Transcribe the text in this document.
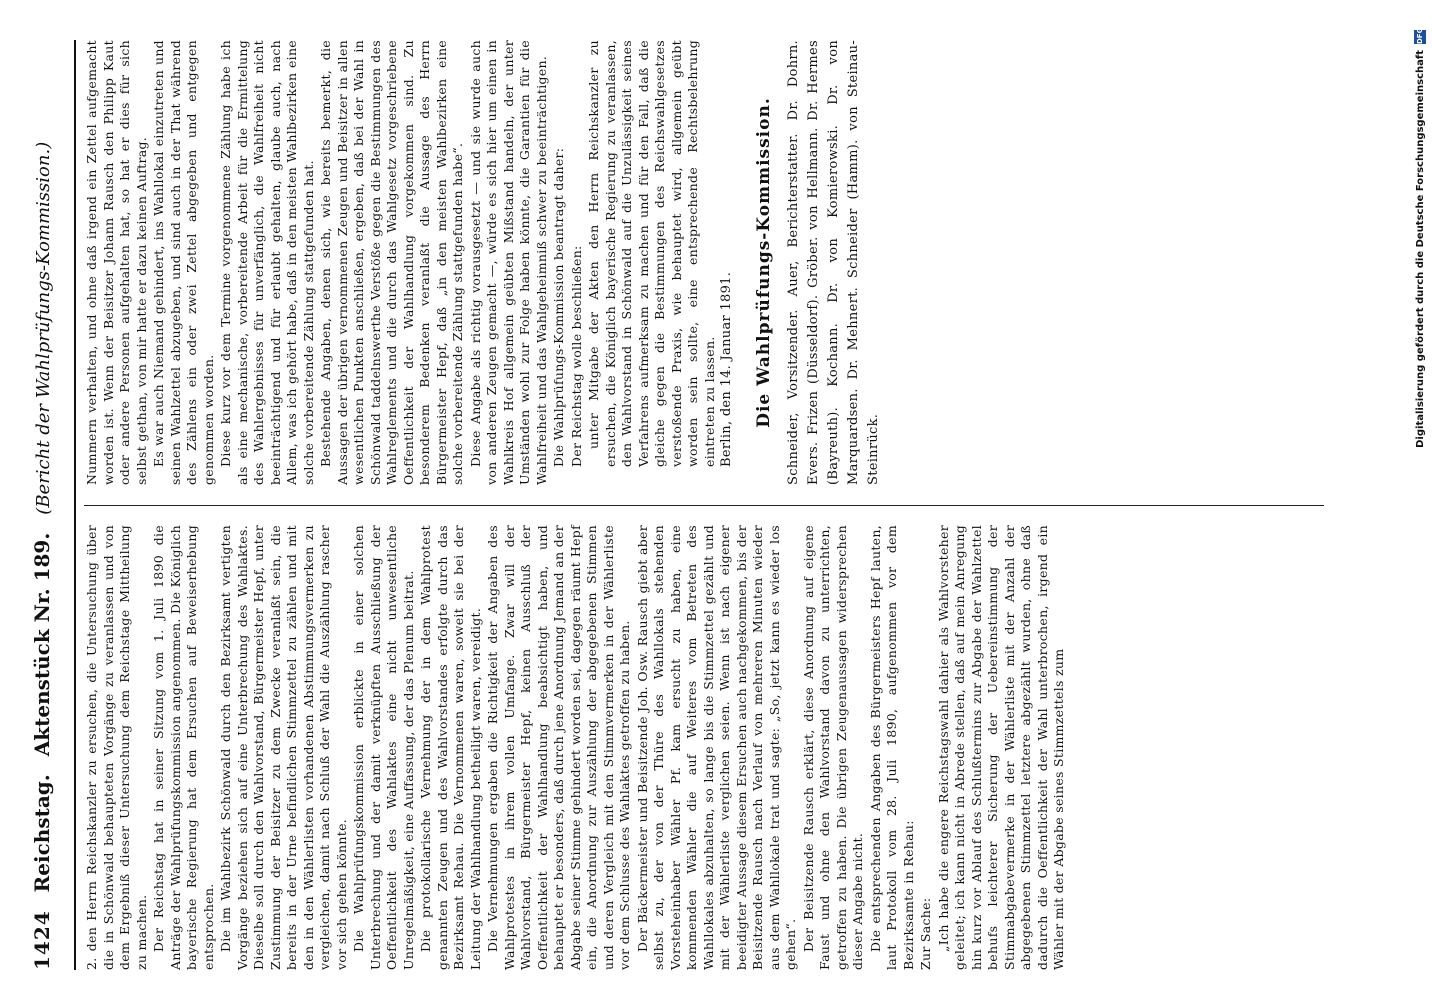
1424
Reichstag.
Aktenstück Nr. 189.
(Bericht der Wahlprüfungs-Kommission.)

2. den Herrn Reichskanzler zu ersuchen, die Untersuchung über die in Schönwald behaupteten Vorgänge zu veranlassen und von dem Ergebniß dieser Untersuchung dem Reichstage Mittheilung zu machen. Der Reichstag hat in seiner Sitzung vom 1. Juli 1890 die Anträge der Wahlprüfungskommission angenommen. Die Königlich bayerische Regierung hat dem Ersuchen auf Beweiserhebung entsprochen. Die im Wahlbezirk Schönwald durch den Bezirksamt vertigten Vorgänge beziehen sich auf eine Unterbrechung des Wahlaktes. Dieselbe soll durch den Wahlvorstand, Bürgermeister Hepf, unter Zustimmung der Beisitzer zu dem Zwecke veranlaßt sein, die bereits in der Urne befindlichen Stimmzettel zu zählen und mit den in den Wählerlisten vorhandenen Abstimmungsvermerken zu vergleichen, damit nach Schluß der Wahl die Auszählung rascher vor sich gehen könnte. Die Wahlprüfungskommission erblickte in einer solchen Unterbrechung und der damit verknüpften Ausschließung der Oeffentlichkeit des Wahlaktes eine nicht unwesentliche Unregelmäßigkeit, eine Auffassung, der das Plenum beitrat. Die protokollarische Vernehmung der in dem Wahlprotest genannten Zeugen und des Wahlvorstandes erfolgte durch das Bezirksamt Rehau. Die Vernommenen waren, soweit sie bei der Leitung der Wahlhandlung betheiligt waren, vereidigt. Die Vernehmungen ergaben die Richtigkeit der Angaben des Wahlprotestes in ihrem vollen Umfange. Zwar will der Wahlvorstand, Bürgermeister Hepf, keinen Ausschluß der Oeffentlichkeit der Wahlhandlung beabsichtigt haben, und behauptet er besonders, daß durch jene Anordnung Jemand an der Abgabe seiner Stimme gehindert worden sei, dagegen räumt Hepf ein, die Anordnung zur Auszählung der abgegebenen Stimmen und deren Vergleich mit den Stimmvermerken in der Wählerliste vor dem Schlusse des Wahlaktes getroffen zu haben. Der Bäckermeister und Beisitzende Joh. Osw. Rausch giebt aber selbst zu, der von der Thüre des Wahllokals stehenden Vorsteheinhaber Wähler Pf. kam ersucht zu haben, eine kommenden Wähler die auf Weiteres vom Betreten des Wahllokales abzuhalten, so lange bis die Stimmzettel gezählt und mit der Wählerliste verglichen seien. Wenn ist nach eigener beeidigter Aussage diesem Ersuchen auch nachgekommen, bis der Beisitzende Rausch nach Verlauf von mehreren Minuten wieder aus dem Wahllokale trat und sagte: „So, jetzt kann es wieder los gehen“. Der Beisitzende Rausch erklärt, diese Anordnung auf eigene Faust und ohne den Wahlvorstand davon zu unterrichten, getroffen zu haben. Die übrigen Zeugenaussagen widersprechen dieser Angabe nicht. Die entsprechenden Angaben des Bürgermeisters Hepf lauten, laut Protokoll vom 28. Juli 1890, aufgenommen vor dem Bezirksamte in Rehau: Zur Sache: „Ich habe die engere Reichstagswahl dahier als Wahlvorsteher geleitet; ich kann nicht in Abrede stellen, daß auf mein Anregung hin kurz vor Ablauf des Schlußtermins zur Abgabe der Wahlzettel behufs leichterer Sicherung der Uebereinstimmung der Stimmabgabevermerke in der Wählerliste mit der Anzahl der abgegebenen Stimmzettel letztere abgezählt wurden, ohne daß dadurch die Oeffentlichkeit der Wahl unterbrochen, irgend ein Wähler mit der Abgabe seines Stimmzettels zum

Nummern verhalten, und ohne daß irgend ein Zettel aufgemacht worden ist. Wenn der Beisitzer Johann Rausch den Philipp Kaut oder andere Personen aufgehalten hat, so hat er dies für sich selbst gethan, von mir hatte er dazu keinen Auftrag. Es war auch Niemand gehindert, ins Wahllokal einzutreten und seinen Wahlzettel abzugeben, und sind auch in der That während des Zählens ein oder zwei Zettel abgegeben und entgegen genommen worden. Diese kurz vor dem Termine vorgenommene Zählung habe ich als eine mechanische, vorbereitende Arbeit für die Ermittelung des Wahlergebnisses für unverfänglich, die Wahlfreiheit nicht beeinträchtigend und für erlaubt gehalten, glaube auch, nach Allem, was ich gehört habe, daß in den meisten Wahlbezirken eine solche vorbereitende Zählung stattgefunden hat. Bestehende Angaben, denen sich, wie bereits bemerkt, die Aussagen der übrigen vernommenen Zeugen und Beisitzer in allen wesentlichen Punkten anschließen, ergeben, daß bei der Wahl in Schönwald taddelnswerthe Verstöße gegen die Bestimmungen des Wahlreglements und die durch das Wahlgesetz vorgeschriebene Oeffentlichkeit der Wahlhandlung vorgekommen sind. Zu besonderem Bedenken veranlaßt die Aussage des Herrn Bürgermeister Hepf, daß „in den meisten Wahlbezirken eine solche vorbereitende Zählung stattgefunden habe“. Diese Angabe als richtig vorausgesetzt — und sie wurde auch von anderen Zeugen gemacht —, würde es sich hier um einen in Wahlkreis Hof allgemein geübten Mißstand handeln, der unter Umständen wohl zur Folge haben könnte, die Garantien für die Wahlfreiheit und das Wahlgeheimniß schwer zu beeinträchtigen. Die Wahlprüfungs-Kommission beantragt daher: Der Reichstag wolle beschließen: unter Mitgabe der Akten den Herrn Reichskanzler zu ersuchen, die Königlich bayerische Regierung zu veranlassen, den Wahlvorstand in Schönwald auf die Unzulässigkeit seines Verfahrens aufmerksam zu machen und für den Fall, daß die gleiche gegen die Bestimmungen des Reichswahlgesetzes verstoßende Praxis, wie behauptet wird, allgemein geübt worden sein sollte, eine entsprechende Rechtsbelehrung eintreten zu lassen. Berlin, den 14. Januar 1891. Die Wahlprüfungs-Kommission. Schneider, Vorsitzender. Auer, Berichterstatter. Dr. Dohrn. Evers. Frizen (Düsseldorf). Gröber. von Hellmann. Dr. Hermes (Bayreuth). Kochann. Dr. von Komierowski. Dr. von Marquardsen. Dr. Mehnert. Schneider (Hamm). von Steinau-Steinrück.
Digitalisierung gefördert durch die Deutsche Forschungsgemeinschaft
DFG
